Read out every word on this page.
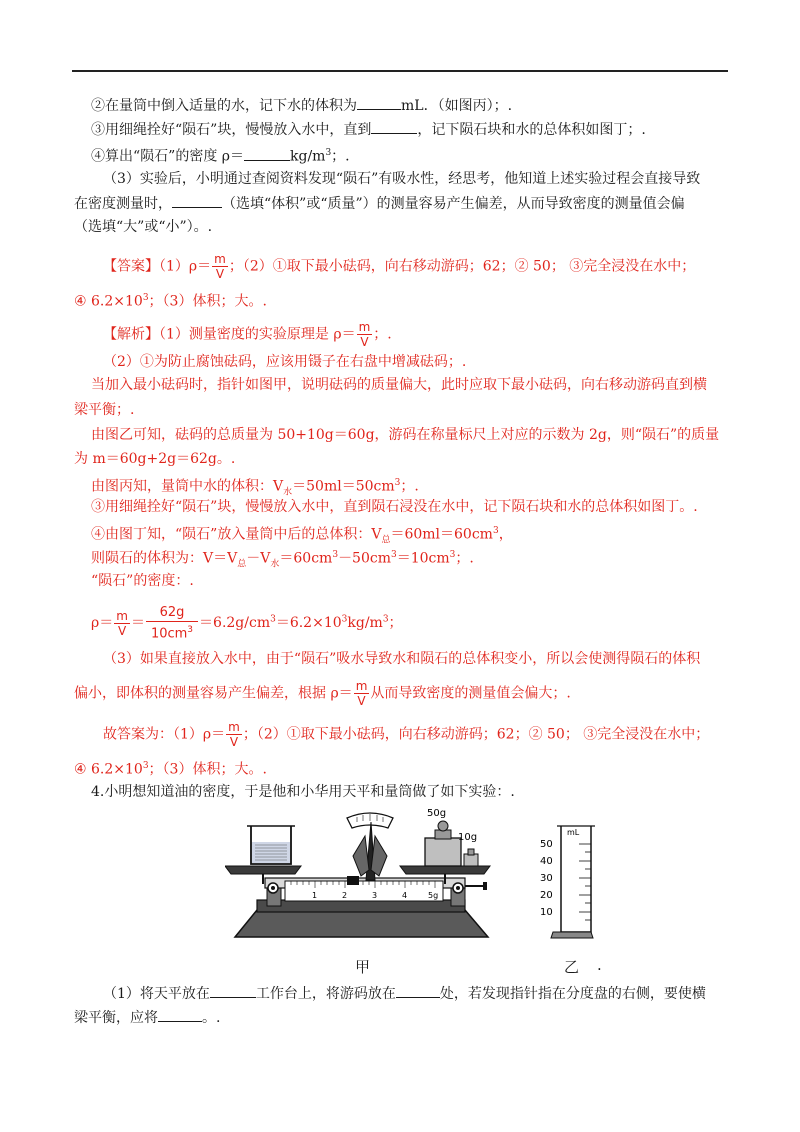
②在量筒中倒入适量的水，记下水的体积为	mL．（如图丙）；.
③用细绳拴好“陨石”块，慢慢放入水中，直到	，记下陨石块和水的总体积如图丁；.
④算出“陨石”的密度 ρ＝	$kg/m^3$；.
（3）实验后，小明通过查阅资料发现“陨石”有吸水性，经思考，他知道上述实验过程会直接导致
在密度测量时，	（选填“体积”或“质量”）的测量容易产生偏差，从而导致密度的测量值会偏
（选填“大”或“小”）。.
【答案】$(1)\rho= \frac{m}{V}$ ；（2）①取下最小砝码，向右移动游码；62；② 50； ③完全浸没在水中；
④ $6.2\times 10^3$；（3）体积；大。.
【解析】（1）测量密度的实验原理是 $\rho= \frac{m}{V}$ ；.
（2）①为防止腐蚀砝码，应该用镊子在右盘中增减砝码；.
当加入最小砝码时，指针如图甲，说明砝码的质量偏大，此时应取下最小砝码，向右移动游码直到横
梁平衡；.
由图乙可知，砝码的总质量为 50+10g＝60g，游码在称量标尺上对应的示数为 2g，则“陨石”的质量
为 m＝60g+2g＝62g。.
由图丙知，量筒中水的体积：$V_水=50ml=50cm^3$；.
③用细绳拴好“陨石”块，慢慢放入水中，直到陨石浸没在水中，记下陨石块和水的总体积如图丁。.
④由图丁知，“陨石”放入量筒中后的总体积：$V_总=60ml=60cm^3$，
则陨石的体积为：$V=V_总-V_水=60cm^3-50cm^3=10cm^3$；.
“陨石”的密度：.
$\rho= \frac{m}{V} = \frac{62g}{10cm^3} =6.2g/cm^3=6.2\times 10^3kg/m^3$；
（3）如果直接放入水中，由于“陨石”吸水导致水和陨石的总体积变小，所以会使测得陨石的体积
偏小，即体积的测量容易产生偏差，根据 $\rho= \frac{m}{V}$ 从而导致密度的测量值会偏大；.
故答案为：$(1)\rho= \frac{m}{V}$ ；（2）①取下最小砝码，向右移动游码；62；② 50； ③完全浸没在水中；
④ $6.2\times 10^3$；（3）体积；大。.
4.小明想知道油的密度，于是他和小华用天平和量筒做了如下实验：.
1	2	3	4	5g
50g
10g	mL
50
40
30
20
10
甲	乙 .
（1）将天平放在	工作台上，将游码放在	处，若发现指针指在分度盘的右侧，要使横
梁平衡，应将	。.
